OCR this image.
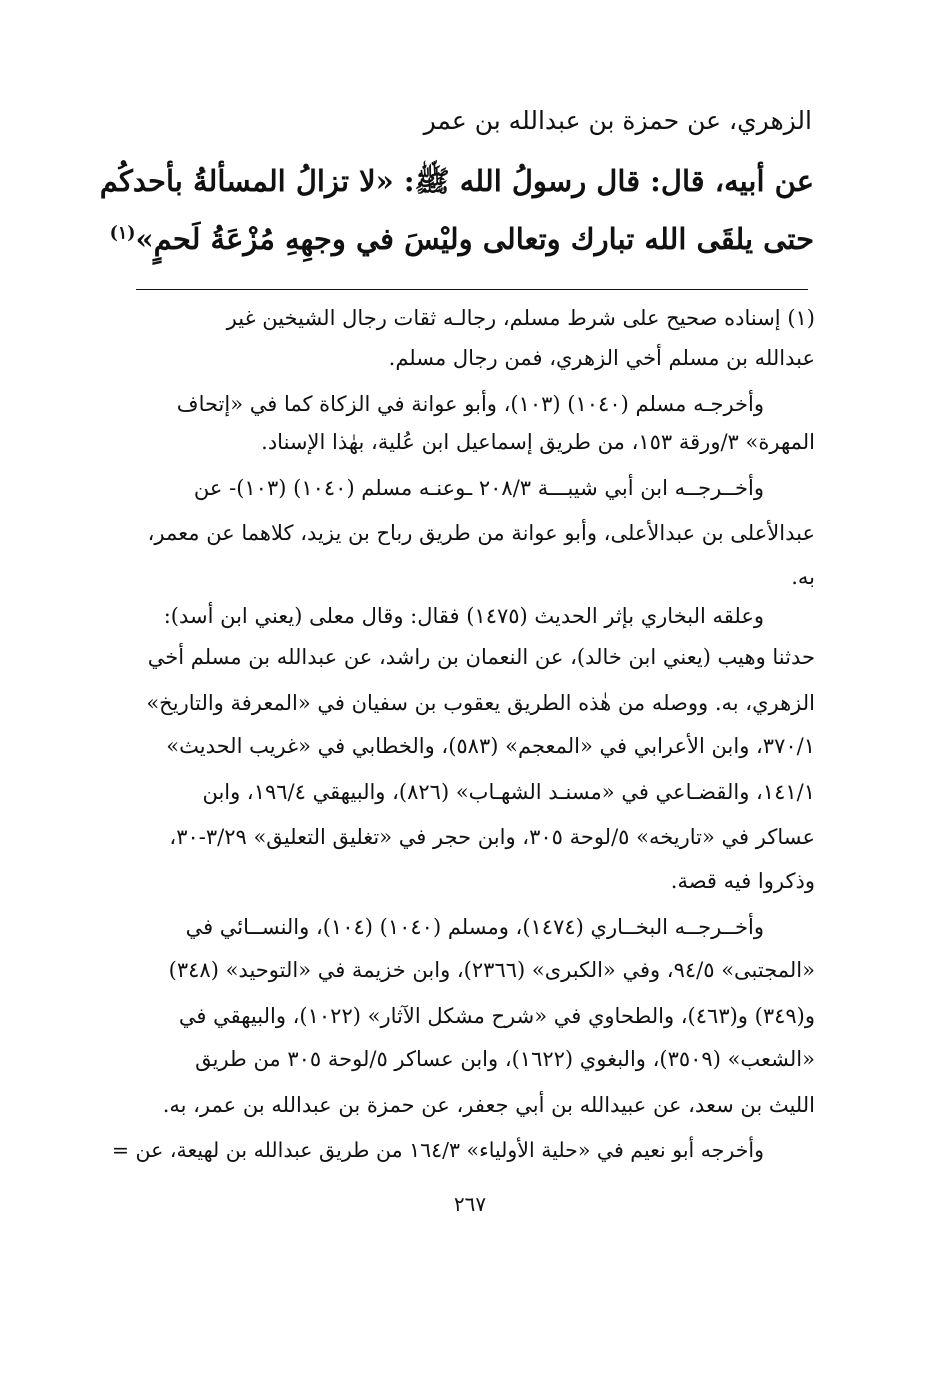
الزهري، عن حمزة بن عبدالله بن عمر
عن أبيه، قال: قال رسولُ الله ﷺ: «لا تزالُ المسألةُ بأحدكُم
حتى يلقَى الله تبارك وتعالى وليْسَ في وجهِهِ مُزْعَةُ لَحمٍ»$^{(١)}$
(١) إسناده صحيح على شرط مسلم، رجالـه ثقات رجال الشيخين غير
عبدالله بن مسلم أخي الزهري، فمن رجال مسلم.
وأخرجـه مسلم (١٠٤٠) (١٠٣)، وأبو عوانة في الزكاة كما في «إتحاف
المهرة» ٣/ورقة ١٥٣، من طريق إسماعيل ابن عُلية، بهٰذا الإسناد.
وأخــرجــه ابن أبي شيبـــة ٢٠٨/٣ ـوعنـه مسلم (١٠٤٠) (١٠٣)- عن
عبدالأعلى بن عبدالأعلى، وأبو عوانة من طريق رباح بن يزيد، كلاهما عن معمر،
به.
وعلقه البخاري بإثر الحديث (١٤٧٥) فقال: وقال معلى (يعني ابن أسد):
حدثنا وهيب (يعني ابن خالد)، عن النعمان بن راشد، عن عبدالله بن مسلم أخي
الزهري، به. ووصله من هٰذه الطريق يعقوب بن سفيان في «المعرفة والتاريخ»
٣٧٠/١، وابن الأعرابي في «المعجم» (٥٨٣)، والخطابي في «غريب الحديث»
١٤١/١، والقضـاعي في «مسنـد الشهـاب» (٨٢٦)، والبيهقي ١٩٦/٤، وابن
عساكر في «تاريخه» ٥/لوحة ٣٠٥، وابن حجر في «تغليق التعليق» ٣/٢٩-٣٠،
وذكروا فيه قصة.
وأخــرجــه البخــاري (١٤٧٤)، ومسلم (١٠٤٠) (١٠٤)، والنســائي في
«المجتبى» ٩٤/٥، وفي «الكبرى» (٢٣٦٦)، وابن خزيمة في «التوحيد» (٣٤٨)
و(٣٤٩) و(٤٦٣)، والطحاوي في «شرح مشكل الآثار» (١٠٢٢)، والبيهقي في
«الشعب» (٣٥٠٩)، والبغوي (١٦٢٢)، وابن عساكر ٥/لوحة ٣٠٥ من طريق
الليث بن سعد، عن عبيدالله بن أبي جعفر، عن حمزة بن عبدالله بن عمر، به.
وأخرجه أبو نعيم في «حلية الأولياء» ١٦٤/٣ من طريق عبدالله بن لهيعة، عن =
٢٦٧
